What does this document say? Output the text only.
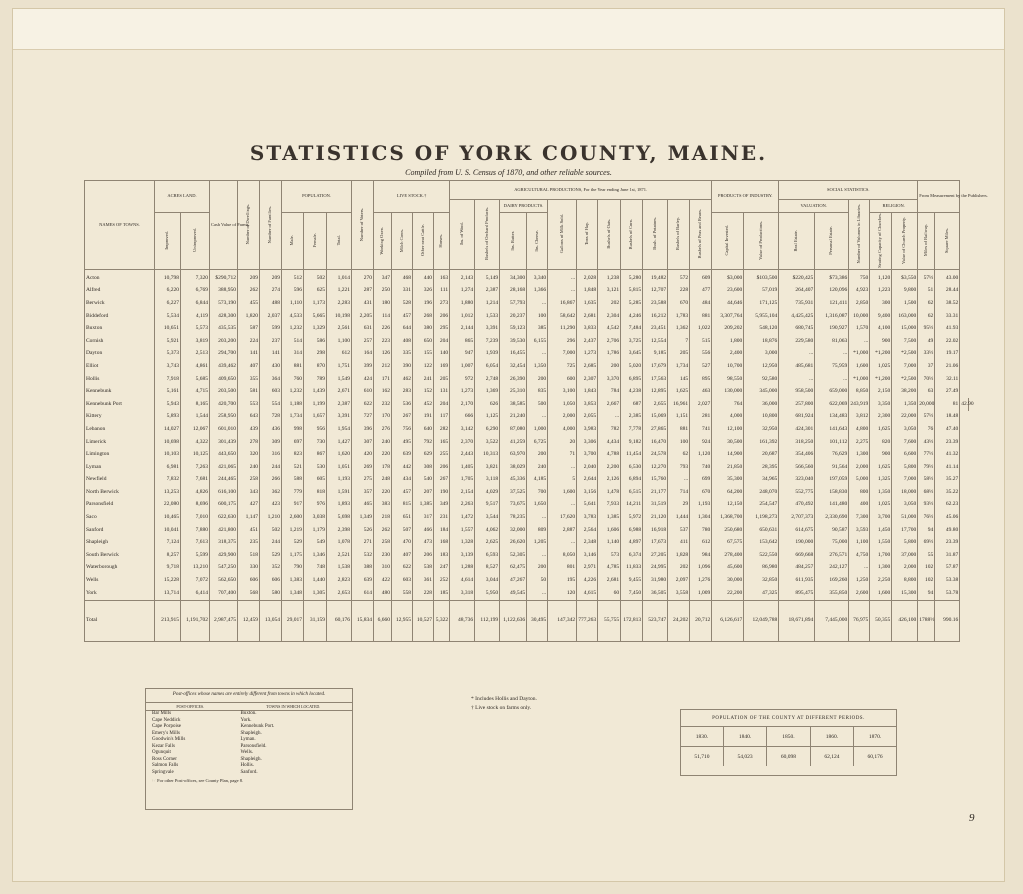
STATISTICS OF YORK COUNTY, MAINE.
Compiled from U. S. Census of 1870, and other reliable sources.
NAMES OF TOWNS.	ACRES LAND.		Cash Value of Farms.	Number of Dwellings.	Number of Families.	POPULATION.			Number of Voters.	LIVE STOCK.†				AGRICULTURAL PRODUCTIONS, For the Year ending June 1st, 1871.											PRODUCTS OF INDUSTRY.		SOCIAL STATISTICS.					From Measurement by the Publishers.		
														lbs. of Wool.	Bushels of Orchard Products.	DAIRY PRODUCTS.		Gallons of Milk Sold.	Tons of Hay.	Bushels of Oats.	Bushels of Corn.	Bush. of Potatoes.	Bushels of Barley.	Bushels of Peas and Beans.			VALUATION.		Number of Volumes in Libraries.	RELIGION.				
	Improved.	Unimproved.				Male.	Female.	Total.		Working Oxen.	Milch Cows.	Other neat Cattle.	Horses.			lbs. Butter.	lbs. Cheese.								Capital Invested.	Value of Productions.	Real Estate.	Personal Estate.		Seating Capacity of Churches.	Value of Church Property.	Miles of Railway.	Square Miles.	
Acton	10,798	7,320	$290,712	209	209	512	502	1,014	270	347	468	440	163	2,143	5,149	34,300	3,340	...	2,028	1,238	5,280	19,482	572	609	$3,000	$103,500	$220,425	$73,386	750	1,120	$3,550	57½	43.00	
Alfred	6,220	6,769	388,950	262	274	596	625	1,221	287	250	331	326	111	1,274	2,387	28,168	1,366	...	1,848	3,121	5,815	12,707	228	477	23,600	57,019	264,407	120,096	4,923	1,223	9,800	51	28.44	
Berwick	6,227	6,844	573,190	455	488	1,110	1,173	2,283	431	180	528	196	273	1,880	1,214	57,793	...	16,867	1,635	202	5,285	23,588	670	484	44,646	171,125	735,931	121,411	2,850	300	1,500	62	38.52	
Biddeford	5,534	4,119	428,300	1,820	2,037	4,533	5,665	10,198	2,205	114	457	268	206	1,012	1,533	20,237	100	58,642	2,681	2,304	4,246	16,212	1,783	881	3,307,764	5,955,104	4,425,425	1,316,087	10,000	9,400	163,000	62	33.31	
Buxton	10,651	5,573	435,535	587	599	1,232	1,329	2,561	631	226	644	380	295	2,144	3,391	59,123	385	11,290	3,833	4,542	7,484	23,451	1,362	1,022	209,202	548,120	680,745	190,927	1,570	4,100	15,000	95½	41.93	
Cornish	5,921	3,819	203,200	224	237	514	586	1,100	257	223	408	650	204	865	7,239	39,530	6,155	296	2,437	2,706	3,725	12,554	7	515	1,800	18,876	229,580	81,063	...	900	7,500	49	22.02	
Dayton	5,373	2,513	294,700	141	141	314	298	612	164	126	335	155	140	947	1,939	16,455	...	7,000	1,273	1,786	3,645	9,185	205	556	2,400	3,000	...	...	*1,000	*1,200	*2,500	33½	19.17	
Elliot	3,743	4,861	439,462	407	430	881	870	1,751	399	212	390	122	169	1,007	6,054	32,454	1,350	725	2,685	200	5,020	17,679	1,734	527	10,700	12,950	485,681	75,959	1,600	1,025	7,000	37	21.06	
Hollis	7,918	5,685	409,650	355	364	760	789	1,549	424	171	462	241	205	972	2,748	26,390	200	600	2,307	3,370	6,895	17,563	145	895	98,550	92,580	...	...	*1,000	*1,200	*2,500	70½	32.11	
Kennebunk	5,161	4,715	203,500	581	603	1,232	1,439	2,671	610	162	283	152	131	1,273	1,369	25,310	835	3,100	1,843	784	4,238	12,895	1,625	463	130,000	345,000	958,500	659,000	8,850	2,150	38,200	63	27.49	
Kennebunk Port	5,943	8,165	420,700	553	554	1,188	1,199	2,387	622	232	536	452	204	2,170	626	38,585	500	1,050	3,853	2,667	687	2,655	16,961	2,027	764	36,000	257,800	622,069	243,919	3,350	1,350	20,000	81	42.90
Kittery	5,893	1,544	258,950	643	728	1,734	1,657	3,391	727	170	267	191	117	666	1,125	21,240	...	2,000	2,055	...	2,385	15,069	1,151	281	4,000	10,800	681,924	134,483	3,812	2,300	22,000	57½	18.48	
Lebanon	14,027	12,067	601,010	439	436	998	956	1,954	396	276	756	640	282	3,142	6,290	87,080	1,000	4,000	3,983	782	7,778	27,865	881	741	12,100	32,950	424,301	141,643	4,800	1,625	3,050	76	47.40	
Limerick	10,698	4,322	301,439	278	309	697	730	1,427	307	240	495	792	165	2,370	3,522	41,259	6,725	20	3,306	4,434	9,182	16,470	100	924	30,500	161,392	318,250	101,112	2,275	820	7,600	43½	23.39	
Limington	10,103	10,125	443,650	320	316	823	867	1,620	420	220	639	629	255	2,443	10,313	63,970	200	71	3,700	4,788	11,454	24,578	62	1,120	14,900	20,687	354,406	76,629	1,300	900	6,600	77½	41.32	
Lyman	6,981	7,263	421,065	240	244	521	530	1,051	269	178	442	308	206	1,405	3,821	38,029	240	...	2,040	2,200	6,530	12,270	793	740	21,850	28,395	566,560	91,564	2,000	1,625	5,800	79½	41.14	
Newfield	7,832	7,681	244,465	258	266	588	605	1,193	275	248	434	540	267	1,705	3,118	45,336	4,185	5	2,644	2,126	6,894	15,760	...	699	35,300	34,965	323,040	197,059	5,000	1,325	7,000	58½	35.27	
North Berwick	13,253	4,826	616,100	343	362	779	818	1,591	357	220	457	207	190	2,154	4,029	37,525	700	1,600	3,156	1,478	6,515	21,177	714	670	64,200	248,070	552,775	158,830	800	1,350	18,000	68½	35.22	
Parsonsfield	22,080	8,696	600,175	427	423	917	976	1,893	465	383	815	1,385	349	2,263	9,517	73,675	1,650	...	5,641	7,933	14,211	31,519	29	1,193	12,150	254,547	470,492	141,480	400	1,025	3,050	93½	62.23	
Saco	10,465	7,010	622,630	1,147	1,210	2,600	3,038	5,698	1,349	218	651	317	231	1,472	3,544	78,235	...	17,620	3,783	1,385	5,972	21,120	1,444	1,304	1,368,700	1,198,273	2,707,373	2,330,690	7,300	3,700	51,000	76½	45.06	
Sanford	10,041	7,880	421,800	451	502	1,219	1,179	2,398	526	262	507	466	184	1,557	4,062	32,000	809	2,887	2,564	1,606	6,988	16,918	537	780	250,680	650,631	614,675	90,587	3,593	1,450	17,700	94	49.80	
Shapleigh	7,124	7,613	318,375	235	244	529	549	1,078	271	258	470	473	168	1,328	2,625	26,620	1,205	...	2,348	1,140	4,897	17,673	411	612	67,575	153,642	190,000	75,000	1,100	1,550	5,800	69½	23.39	
South Berwick	8,257	5,599	429,900	518	529	1,175	1,346	2,521	532	230	407	206	183	3,139	6,593	52,305	...	8,050	3,146	573	6,374	27,205	1,828	984	278,400	522,550	669,668	276,571	4,750	1,700	37,000	55	31.87	
Waterborough	9,718	13,210	547,250	330	352	790	748	1,538	388	310	622	538	247	1,288	8,527	62,475	200	801	2,971	4,785	11,833	24,995	202	1,096	45,600	86,980	484,257	242,127	...	1,300	2,000	102	57.87	
Wells	15,228	7,072	562,650	606	606	1,383	1,440	2,823	639	422	603	361	252	4,614	3,044	47,267	50	195	4,226	2,681	9,455	31,980	2,097	1,276	30,000	32,850	611,935	169,260	1,250	2,250	8,800	102	53.38	
York	13,714	6,414	707,400	568	580	1,348	1,305	2,653	614	480	558	228	185	3,318	5,950	49,545	...	120	4,615	60	7,450	36,505	3,558	1,009	22,200	47,325	895,475	355,850	2,600	1,600	15,300	94	53.78	
Total	213,915	1,191,702	2,987,475	12,459	13,054	29,017	31,159	60,176	15,834	6,660	12,955	10,527	5,322	48,736	112,199	1,122,636	30,495	147,342	777,263	55,755	172,813	523,747	24,202	20,712	6,126,617	12,049,788	18,671,894	7,445,000	76,975	50,355	426,100	1788½	990.16	
Post-offices whose names are entirely different from towns in which located.
POST-OFFICES.	TOWNS IN WHICH LOCATED.
Bar Mills	Buxton.
Cape Neddick	York.
Cape Porpoise	Kennebunk Port.
Emery's Mills	Shapleigh.
Goodwin's Mills	Lyman.
Kezar Falls	Parsonsfield.
Ogunquit	Wells.
Ross Corner	Shapleigh.
Salmon Falls	Hollis.
Springvale	Sanford.
☞ For other Post-offices, see County Plan, page 8.
* Includes Hollis and Dayton.
† Live stock on farms only.
POPULATION OF THE COUNTY AT DIFFERENT PERIODS.
1830.	1840.	1850.	1860.	1870.
51,710	54,023	60,098	62,124	60,176
9
